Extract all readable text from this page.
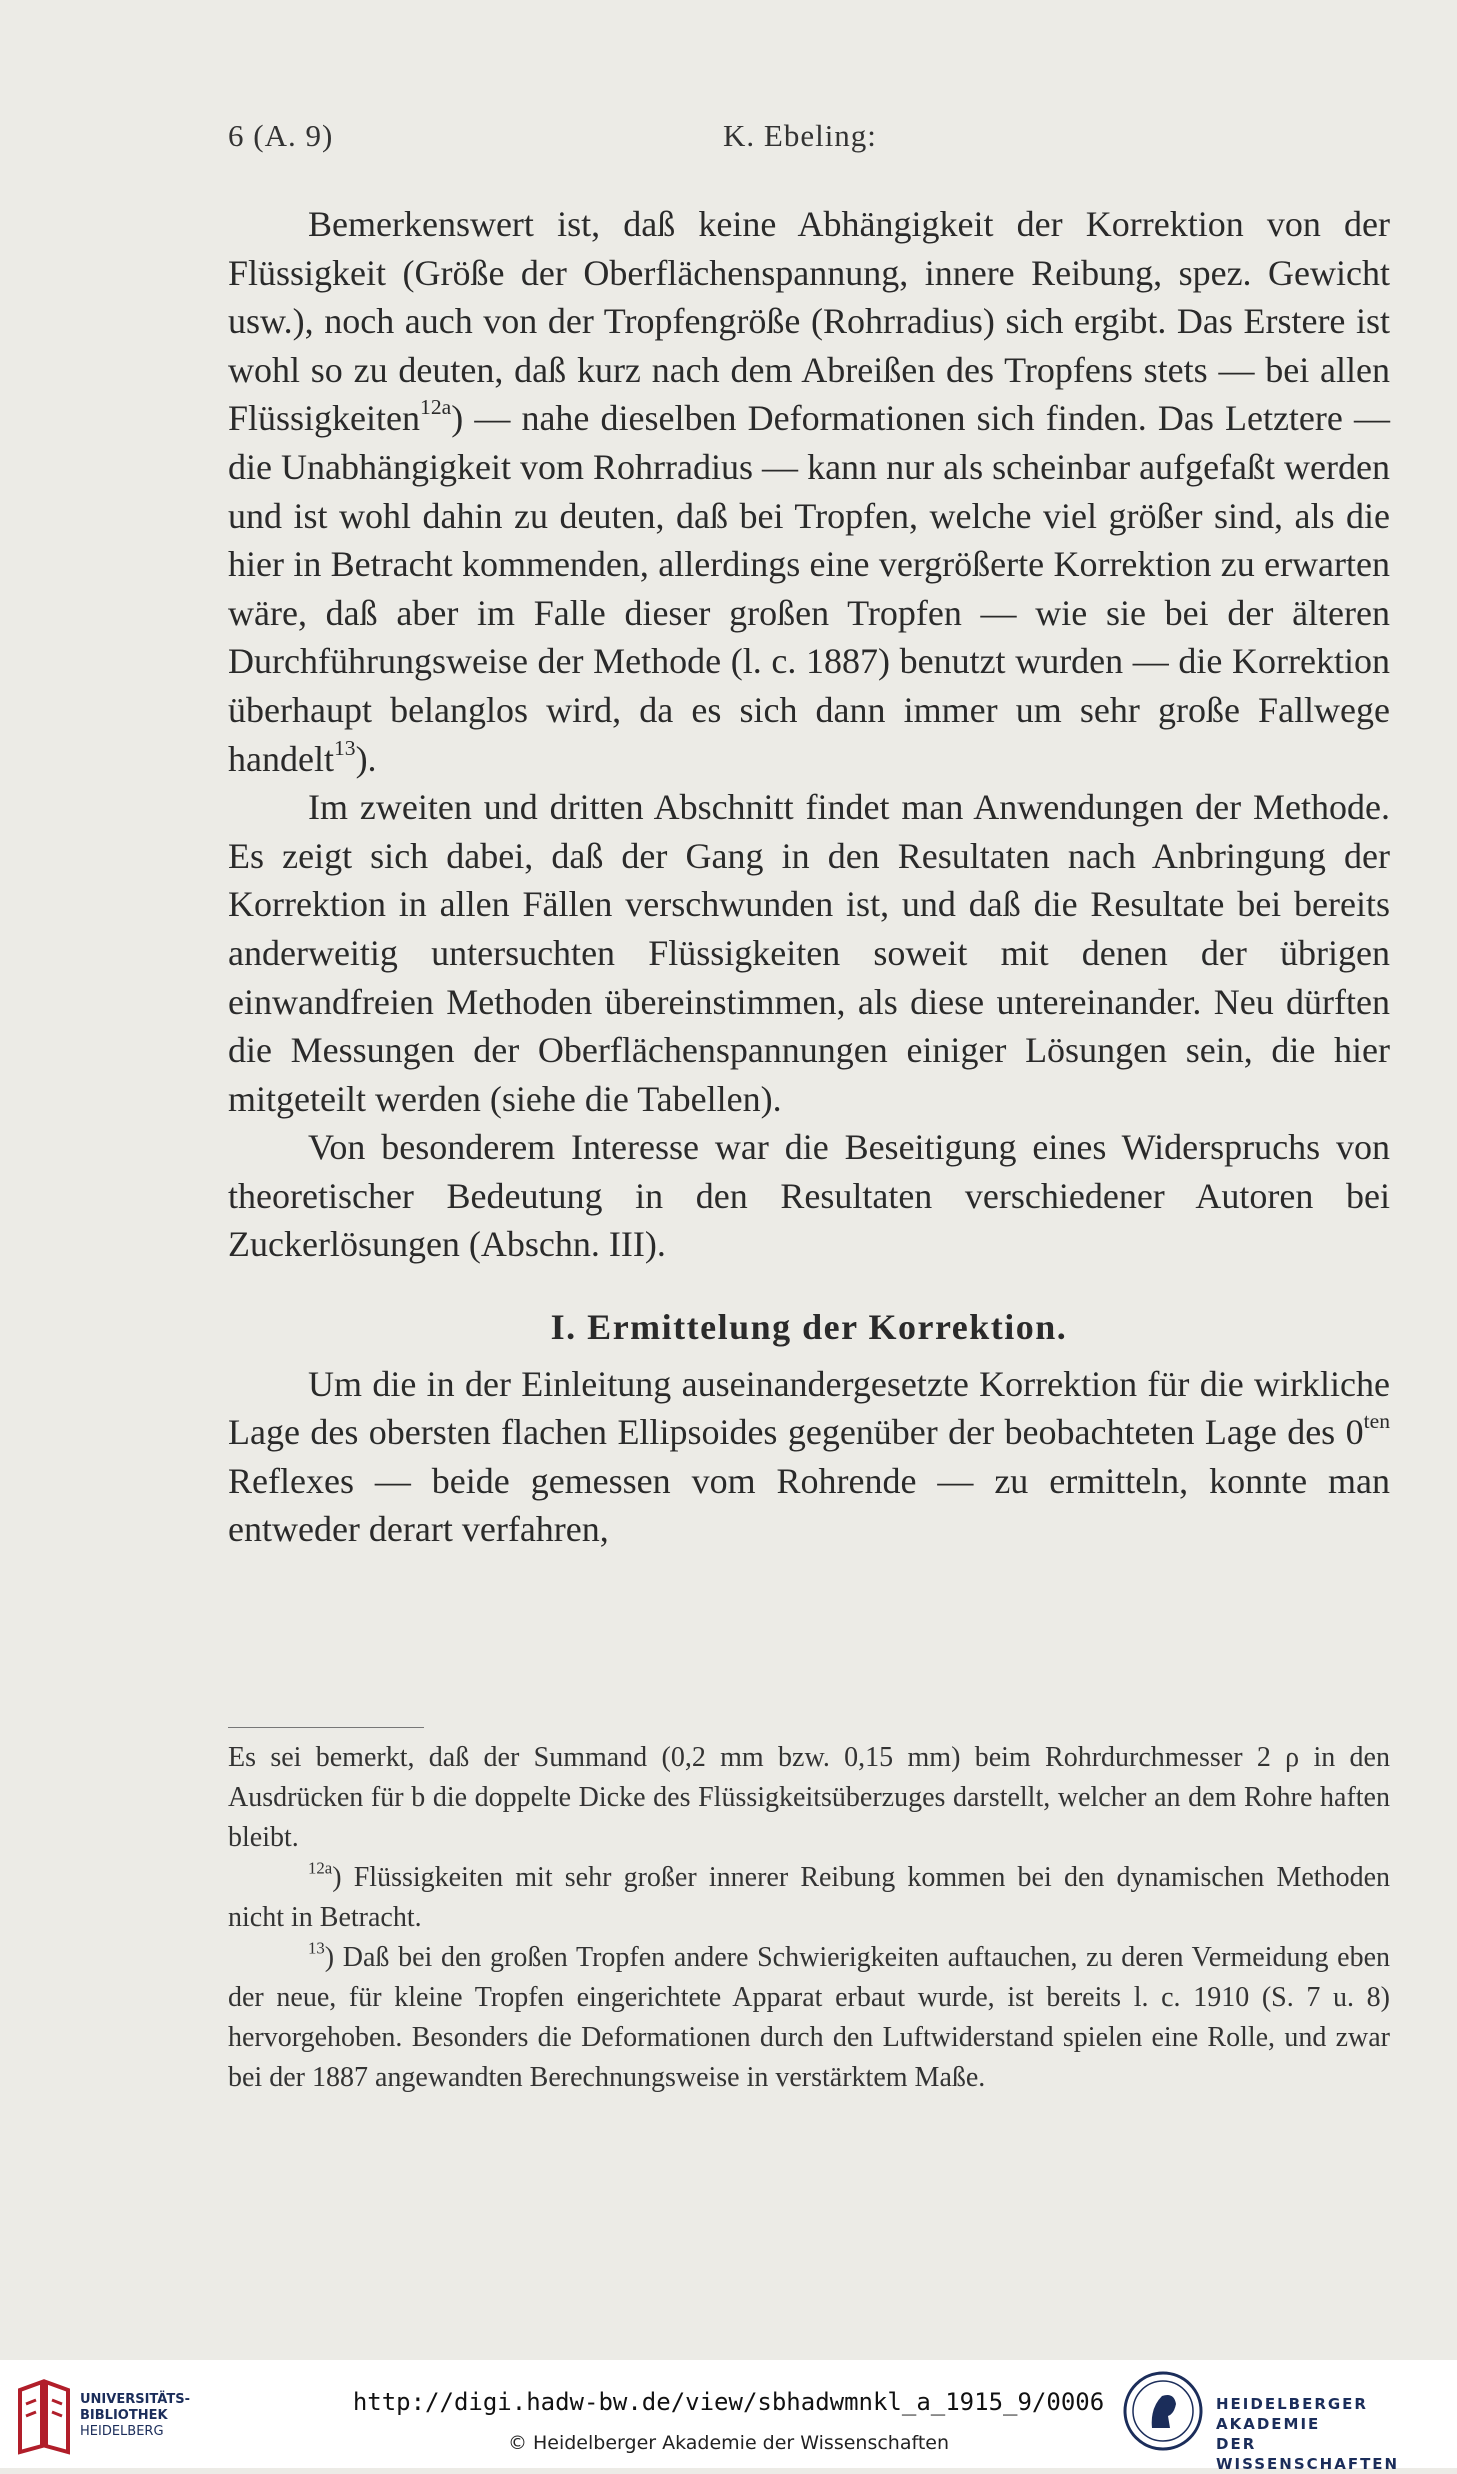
6 (A. 9)	K. Ebeling:

Bemerkenswert ist, daß keine Abhängigkeit der Korrektion von der Flüssigkeit (Größe der Oberflächenspannung, innere Reibung, spez. Gewicht usw.), noch auch von der Tropfengröße (Rohrradius) sich ergibt. Das Erstere ist wohl so zu deuten, daß kurz nach dem Abreißen des Tropfens stets — bei allen Flüssigkeiten$^{12a}$) — nahe dieselben Deformationen sich finden. Das Letztere — die Unabhängigkeit vom Rohrradius — kann nur als scheinbar aufgefaßt werden und ist wohl dahin zu deuten, daß bei Tropfen, welche viel größer sind, als die hier in Betracht kommenden, allerdings eine vergrößerte Korrektion zu erwarten wäre, daß aber im Falle dieser großen Tropfen — wie sie bei der älteren Durchführungsweise der Methode (l. c. 1887) benutzt wurden — die Korrektion überhaupt belanglos wird, da es sich dann immer um sehr große Fallwege handelt$^{13}$).

Im zweiten und dritten Abschnitt findet man Anwendungen der Methode. Es zeigt sich dabei, daß der Gang in den Resultaten nach Anbringung der Korrektion in allen Fällen verschwunden ist, und daß die Resultate bei bereits anderweitig untersuchten Flüssigkeiten soweit mit denen der übrigen einwandfreien Methoden übereinstimmen, als diese untereinander. Neu dürften die Messungen der Oberflächenspannungen einiger Lösungen sein, die hier mitgeteilt werden (siehe die Tabellen).

Von besonderem Interesse war die Beseitigung eines Widerspruchs von theoretischer Bedeutung in den Resultaten verschiedener Autoren bei Zuckerlösungen (Abschn. III).

I. Ermittelung der Korrektion.

Um die in der Einleitung auseinandergesetzte Korrektion für die wirkliche Lage des obersten flachen Ellipsoides gegenüber der beobachteten Lage des $0^{ten}$ Reflexes — beide gemessen vom Rohrende — zu ermitteln, konnte man entweder derart verfahren,

Es sei bemerkt, daß der Summand (0,2 mm bzw. 0,15 mm) beim Rohrdurchmesser 2 ρ in den Ausdrücken für b die doppelte Dicke des Flüssigkeitsüberzuges darstellt, welcher an dem Rohre haften bleibt.

$^{12a}$) Flüssigkeiten mit sehr großer innerer Reibung kommen bei den dynamischen Methoden nicht in Betracht.

$^{13}$) Daß bei den großen Tropfen andere Schwierigkeiten auftauchen, zu deren Vermeidung eben der neue, für kleine Tropfen eingerichtete Apparat erbaut wurde, ist bereits l. c. 1910 (S. 7 u. 8) hervorgehoben. Besonders die Deformationen durch den Luftwiderstand spielen eine Rolle, und zwar bei der 1887 angewandten Berechnungsweise in verstärktem Maße.

UNIVERSITÄTS-
BIBLIOTHEK
HEIDELBERG
http://digi.hadw-bw.de/view/sbhadwmnkl_a_1915_9/0006
© Heidelberger Akademie der Wissenschaften
HEIDELBERGER AKADEMIE
DER WISSENSCHAFTEN
